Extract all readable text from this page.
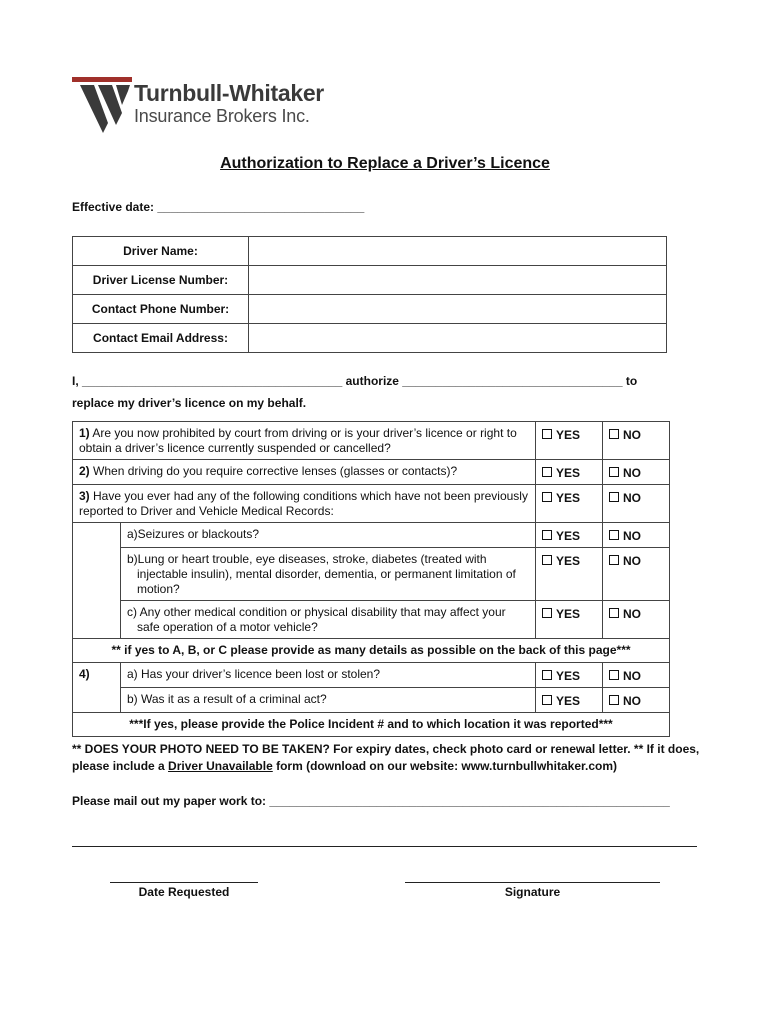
Turnbull-Whitaker
Insurance Brokers Inc.
Authorization to Replace a Driver’s Licence
Effective date: _______________________________
Driver Name:	
Driver License Number:	
Contact Phone Number:	
Contact Email Address:	
I, _______________________________________ authorize _________________________________ to
replace my driver’s licence on my behalf.
1) Are you now prohibited by court from driving or is your driver’s licence or right to obtain a driver’s licence currently suspended or cancelled?		YES	NO
2) When driving do you require corrective lenses (glasses or contacts)?		YES	NO
3) Have you ever had any of the following conditions which have not been previously reported to Driver and Vehicle Medical Records:		YES	NO
	a)Seizures or blackouts?	YES	NO
	b)Lung or heart trouble, eye diseases, stroke, diabetes (treated with injectable insulin), mental disorder, dementia, or permanent limitation of motion?	YES	NO
	c) Any other medical condition or physical disability that may affect your safe operation of a motor vehicle?	YES	NO
** if yes to A, B, or C please provide as many details as possible on the back of this page***			
4)	a) Has your driver’s licence been lost or stolen?	YES	NO
	b) Was it as a result of a criminal act?	YES	NO
***If yes, please provide the Police Incident # and to which location it was reported***			
** DOES YOUR PHOTO NEED TO BE TAKEN? For expiry dates, check photo card or renewal letter. ** If it does, please include a Driver Unavailable form (download on our website: www.turnbullwhitaker.com)
Please mail out my paper work to: ____________________________________________________________
Date Requested	Signature
